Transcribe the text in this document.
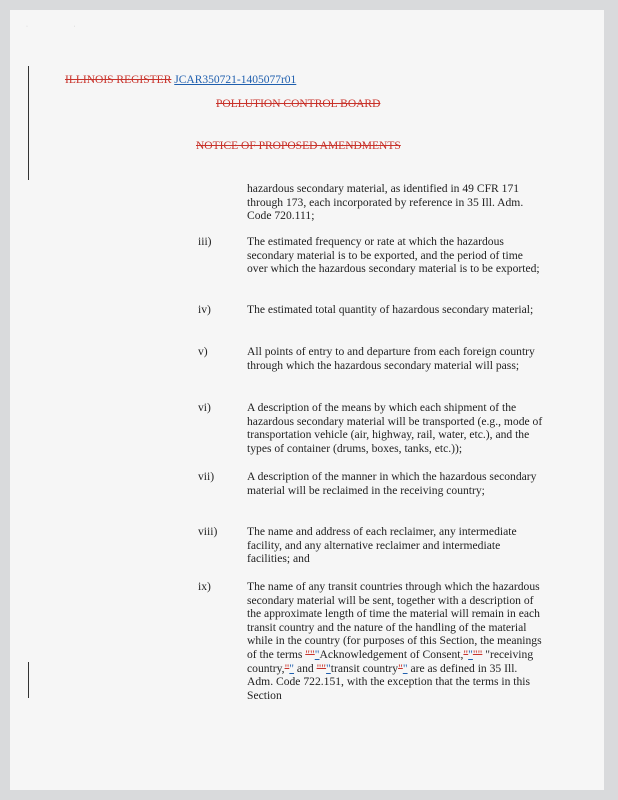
· ·
ILLINOIS REGISTER JCAR350721-1405077r01
POLLUTION CONTROL BOARD
NOTICE OF PROPOSED AMENDMENTS
hazardous secondary material, as identified in 49 CFR 171 through 173, each incorporated by reference in 35 Ill. Adm. Code 720.111;
iii)	The estimated frequency or rate at which the hazardous secondary material is to be exported, and the period of time over which the hazardous secondary material is to be exported;
iv)	The estimated total quantity of hazardous secondary material;
v)	All points of entry to and departure from each foreign country through which the hazardous secondary material will pass;
vi)	A description of the means by which each shipment of the hazardous secondary material will be transported (e.g., mode of transportation vehicle (air, highway, rail, water, etc.), and the types of container (drums, boxes, tanks, etc.));
vii)	A description of the manner in which the hazardous secondary material will be reclaimed in the receiving country;
viii)	The name and address of each reclaimer, any intermediate facility, and any alternative reclaimer and intermediate facilities; and
ix)	The name of any transit countries through which the hazardous secondary material will be sent, together with a description of the approximate length of time the material will remain in each transit country and the nature of the handling of the material while in the country (for purposes of this Section, the meanings of the terms """Acknowledgement of Consent,"""" "receiving country,"" and """transit country"" are as defined in 35 Ill. Adm. Code 722.151, with the exception that the terms in this Section
